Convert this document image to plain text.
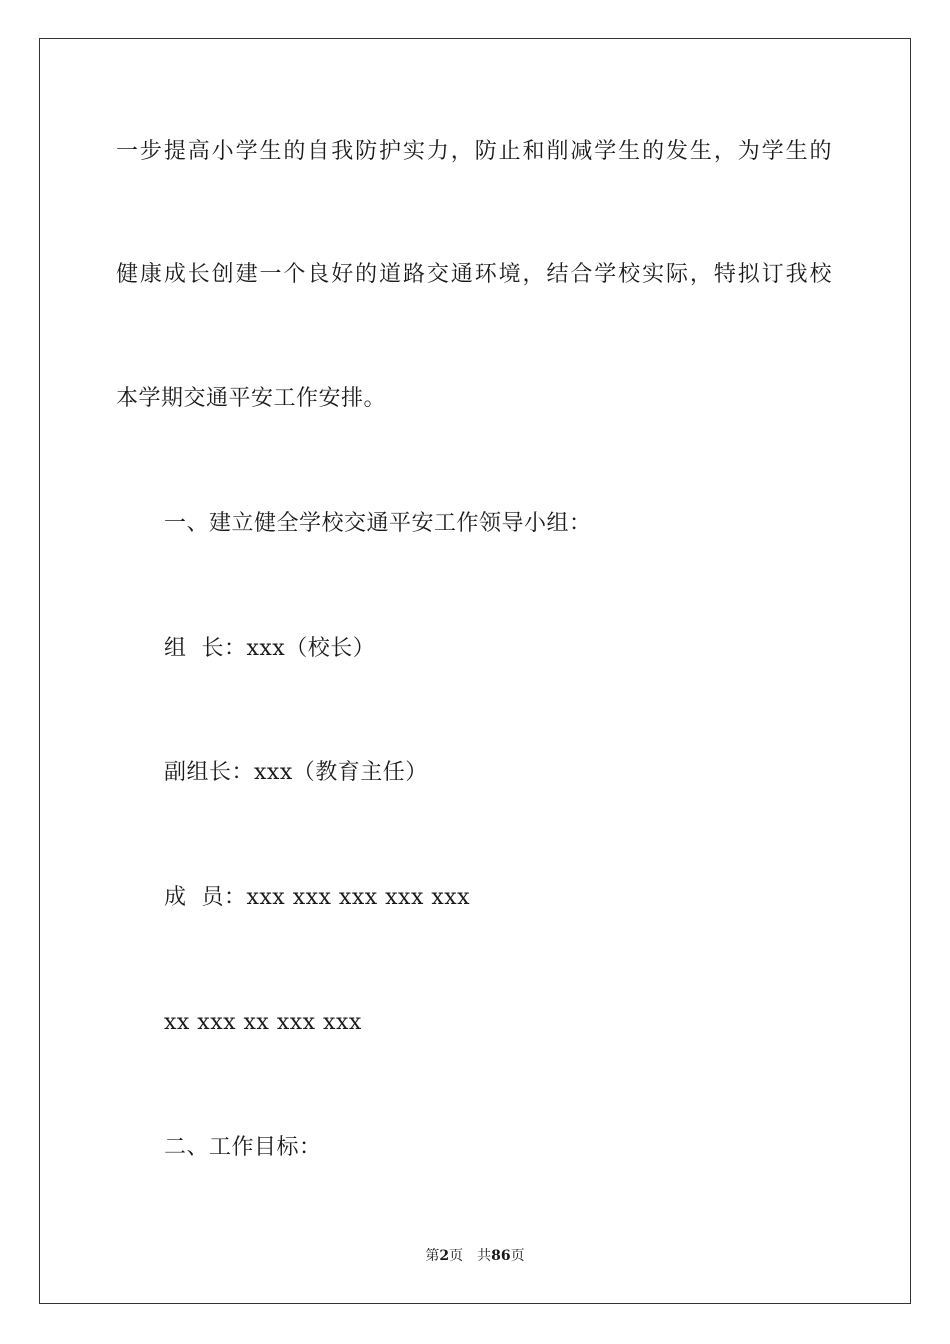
一步提高小学生的自我防护实力，防止和削减学生的发生，为学生的
健康成长创建一个良好的道路交通环境，结合学校实际，特拟订我校
本学期交通平安工作安排。
一、建立健全学校交通平安工作领导小组：
组  长：xxx（校长）
副组长：xxx（教育主任）
成  员：xxx xxx xxx xxx xxx
xx xxx xx xxx xxx
二、工作目标：
第2页 共86页
